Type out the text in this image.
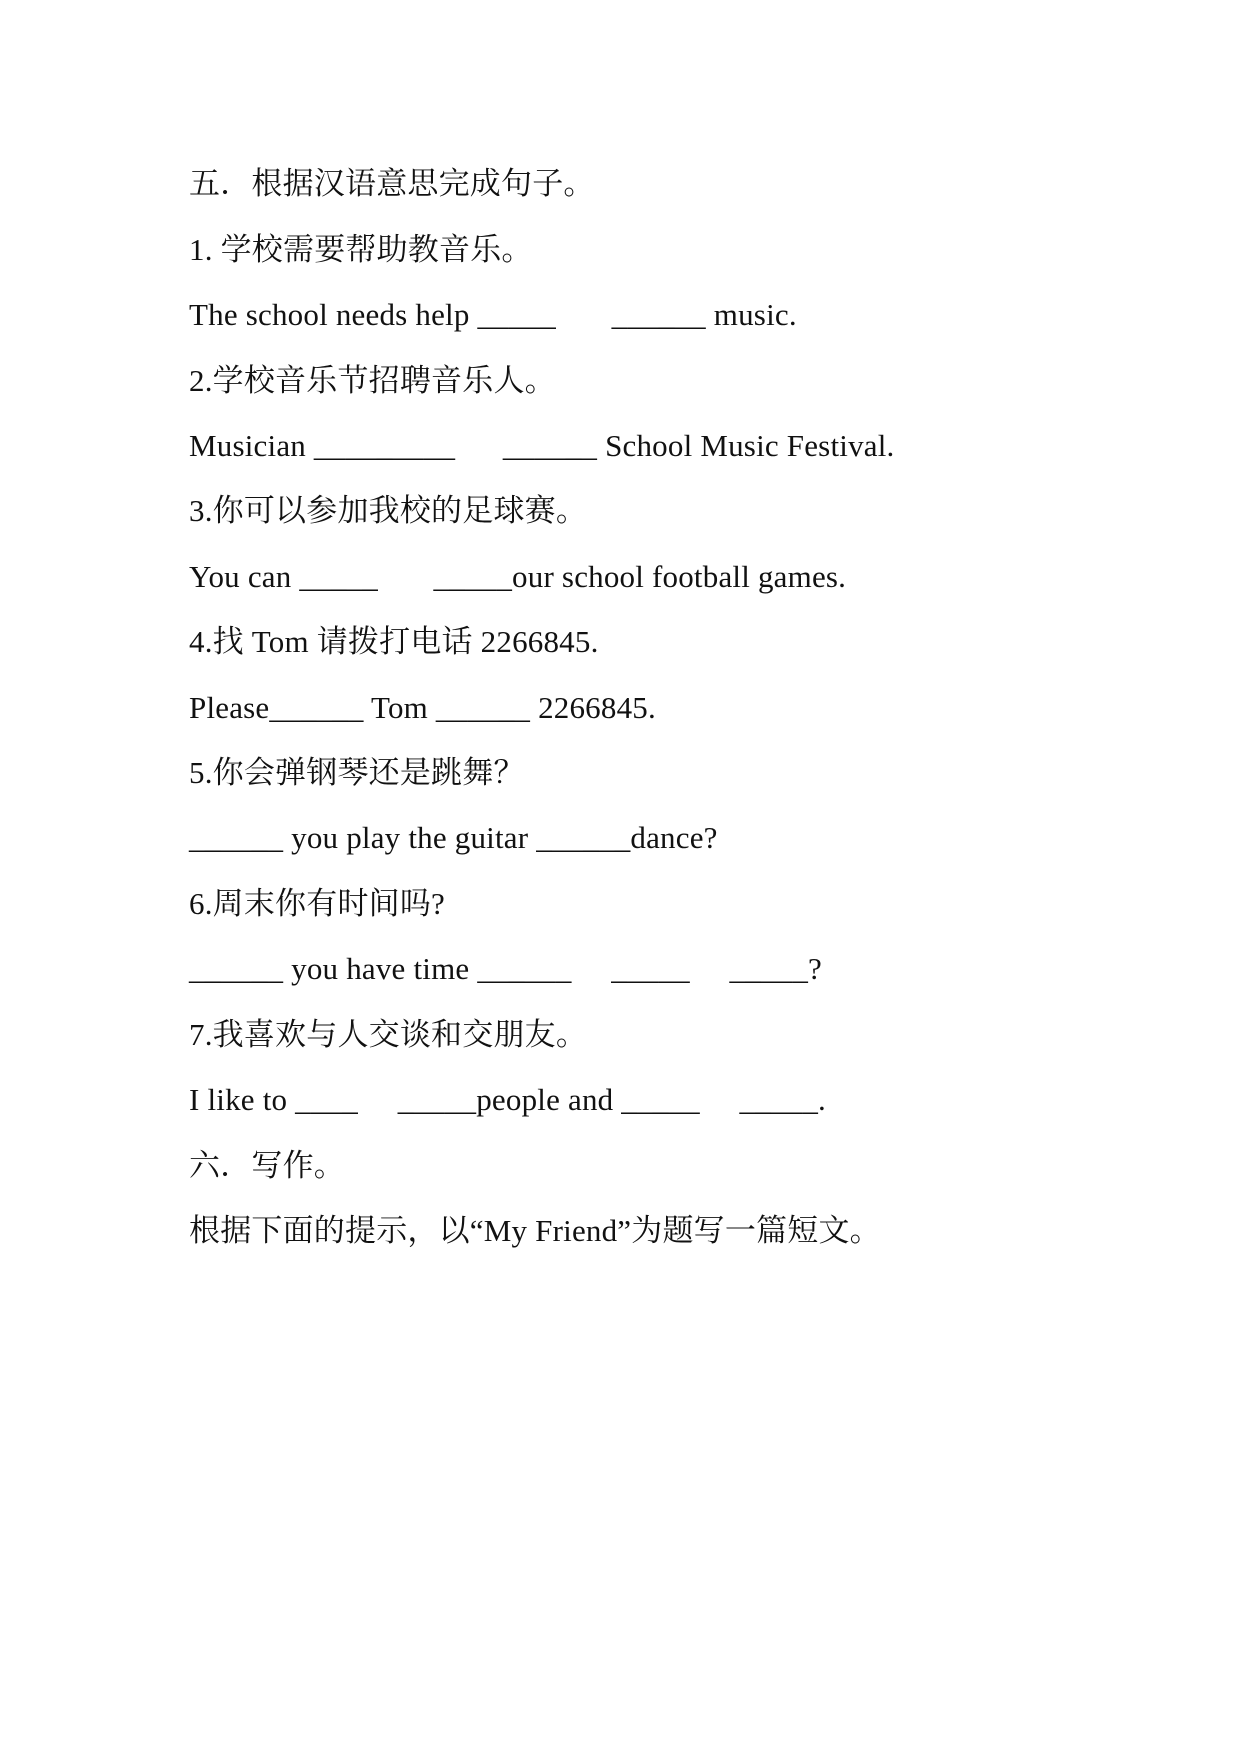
五．根据汉语意思完成句子。
1. 学校需要帮助教音乐。
The school needs help _____       ______ music.
2.学校音乐节招聘音乐人。
Musician _________      ______ School Music Festival.
3.你可以参加我校的足球赛。
You can _____       _____our school football games.
4.找 Tom 请拨打电话 2266845.
Please______ Tom ______ 2266845.
5.你会弹钢琴还是跳舞？
______ you play the guitar ______dance?
6.周末你有时间吗?
______ you have time ______     _____     _____?
7.我喜欢与人交谈和交朋友。
I like to ____     _____people and _____     _____.
六．写作。
根据下面的提示，以“My Friend”为题写一篇短文。
